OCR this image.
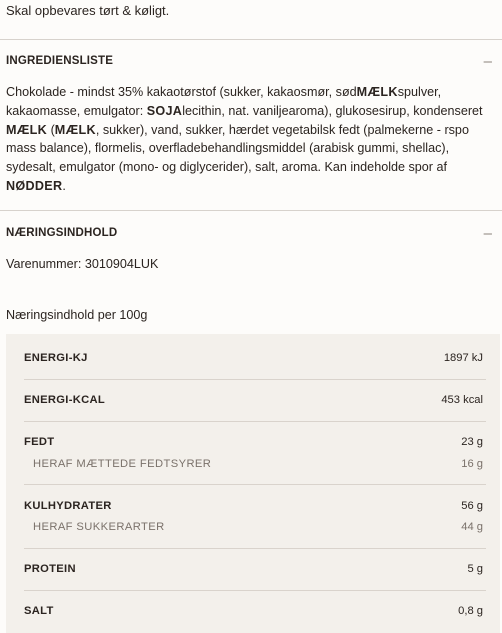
Skal opbevares tørt & køligt.
INGREDIENSLISTE	–
Chokolade - mindst 35% kakaotørstof (sukker, kakaosmør, sødMÆLKspulver, kakaomasse, emulgator: SOJAlecithin, nat. vaniljearoma), glukosesirup, kondenseret MÆLK (MÆLK, sukker), vand, sukker, hærdet vegetabilsk fedt (palmekerne - rspo mass balance), flormelis, overfladebehandlingsmiddel (arabisk gummi, shellac), sydesalt, emulgator (mono- og diglycerider), salt, aroma. Kan indeholde spor af NØDDER.
NÆRINGSINDHOLD	–
Varenummer: 3010904LUK
Næringsindhold per 100g
ENERGI-KJ	1897 kJ
ENERGI-KCAL	453 kcal
FEDT	23 g
HERAF MÆTTEDE FEDTSYRER	16 g
KULHYDRATER	56 g
HERAF SUKKERARTER	44 g
PROTEIN	5 g
SALT	0,8 g
